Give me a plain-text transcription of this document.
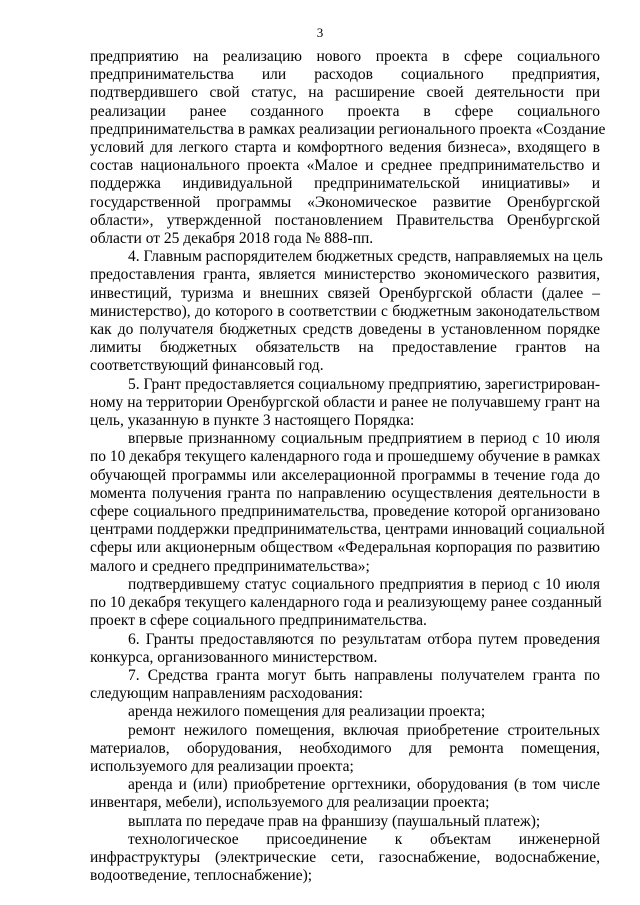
3
предприятию на реализацию нового проекта в сфере социального
предпринимательства или расходов социального предприятия,
подтвердившего свой статус, на расширение своей деятельности при
реализации ранее созданного проекта в сфере социального
предпринимательства в рамках реализации регионального проекта «Создание
условий для легкого старта и комфортного ведения бизнеса», входящего в
состав национального проекта «Малое и среднее предпринимательство и
поддержка индивидуальной предпринимательской инициативы» и
государственной программы «Экономическое развитие Оренбургской
области», утвержденной постановлением Правительства Оренбургской
области от 25 декабря 2018 года № 888-пп.
4. Главным распорядителем бюджетных средств, направляемых на цель
предоставления гранта, является министерство экономического развития,
инвестиций, туризма и внешних связей Оренбургской области (далее –
министерство), до которого в соответствии с бюджетным законодательством
как до получателя бюджетных средств доведены в установленном порядке
лимиты бюджетных обязательств на предоставление грантов на
соответствующий финансовый год.
5. Грант предоставляется социальному предприятию, зарегистрирован-
ному на территории Оренбургской области и ранее не получавшему грант на
цель, указанную в пункте 3 настоящего Порядка:
впервые признанному социальным предприятием в период с 10 июля
по 10 декабря текущего календарного года и прошедшему обучение в рамках
обучающей программы или акселерационной программы в течение года до
момента получения гранта по направлению осуществления деятельности в
сфере социального предпринимательства, проведение которой организовано
центрами поддержки предпринимательства, центрами инноваций социальной
сферы или акционерным обществом «Федеральная корпорация по развитию
малого и среднего предпринимательства»;
подтвердившему статус социального предприятия в период с 10 июля
по 10 декабря текущего календарного года и реализующему ранее созданный
проект в сфере социального предпринимательства.
6. Гранты предоставляются по результатам отбора путем проведения
конкурса, организованного министерством.
7. Средства гранта могут быть направлены получателем гранта по
следующим направлениям расходования:
аренда нежилого помещения для реализации проекта;
ремонт нежилого помещения, включая приобретение строительных
материалов, оборудования, необходимого для ремонта помещения,
используемого для реализации проекта;
аренда и (или) приобретение оргтехники, оборудования (в том числе
инвентаря, мебели), используемого для реализации проекта;
выплата по передаче прав на франшизу (паушальный платеж);
технологическое присоединение к объектам инженерной
инфраструктуры (электрические сети, газоснабжение, водоснабжение,
водоотведение, теплоснабжение);
